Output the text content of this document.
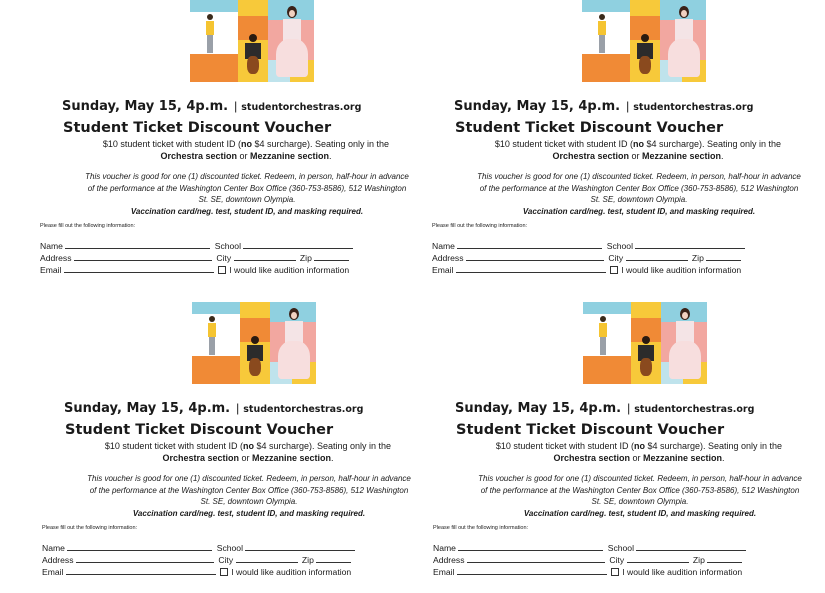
Sunday, May 15, 4p.m. | studentorchestras.org
Student Ticket Discount Voucher
$10 student ticket with student ID (no $4 surcharge). Seating only in the Orchestra section or Mezzanine section.
This voucher is good for one (1) discounted ticket. Redeem, in person, half-hour in advance of the performance at the Washington Center Box Office (360-753-8586), 512 Washington St. SE, downtown Olympia.
Vaccination card/neg. test, student ID, and masking required.
Please fill out the following information:
Name	School
Address	City	Zip
Email	I would like audition information
Sunday, May 15, 4p.m. | studentorchestras.org
Student Ticket Discount Voucher
$10 student ticket with student ID (no $4 surcharge). Seating only in the Orchestra section or Mezzanine section.
This voucher is good for one (1) discounted ticket. Redeem, in person, half-hour in advance of the performance at the Washington Center Box Office (360-753-8586), 512 Washington St. SE, downtown Olympia.
Vaccination card/neg. test, student ID, and masking required.
Please fill out the following information:
Name	School
Address	City	Zip
Email	I would like audition information
Sunday, May 15, 4p.m. | studentorchestras.org
Student Ticket Discount Voucher
$10 student ticket with student ID (no $4 surcharge). Seating only in the Orchestra section or Mezzanine section.
This voucher is good for one (1) discounted ticket. Redeem, in person, half-hour in advance of the performance at the Washington Center Box Office (360-753-8586), 512 Washington St. SE, downtown Olympia.
Vaccination card/neg. test, student ID, and masking required.
Please fill out the following information:
Name	School
Address	City	Zip
Email	I would like audition information
Sunday, May 15, 4p.m. | studentorchestras.org
Student Ticket Discount Voucher
$10 student ticket with student ID (no $4 surcharge). Seating only in the Orchestra section or Mezzanine section.
This voucher is good for one (1) discounted ticket. Redeem, in person, half-hour in advance of the performance at the Washington Center Box Office (360-753-8586), 512 Washington St. SE, downtown Olympia.
Vaccination card/neg. test, student ID, and masking required.
Please fill out the following information:
Name	School
Address	City	Zip
Email	I would like audition information
